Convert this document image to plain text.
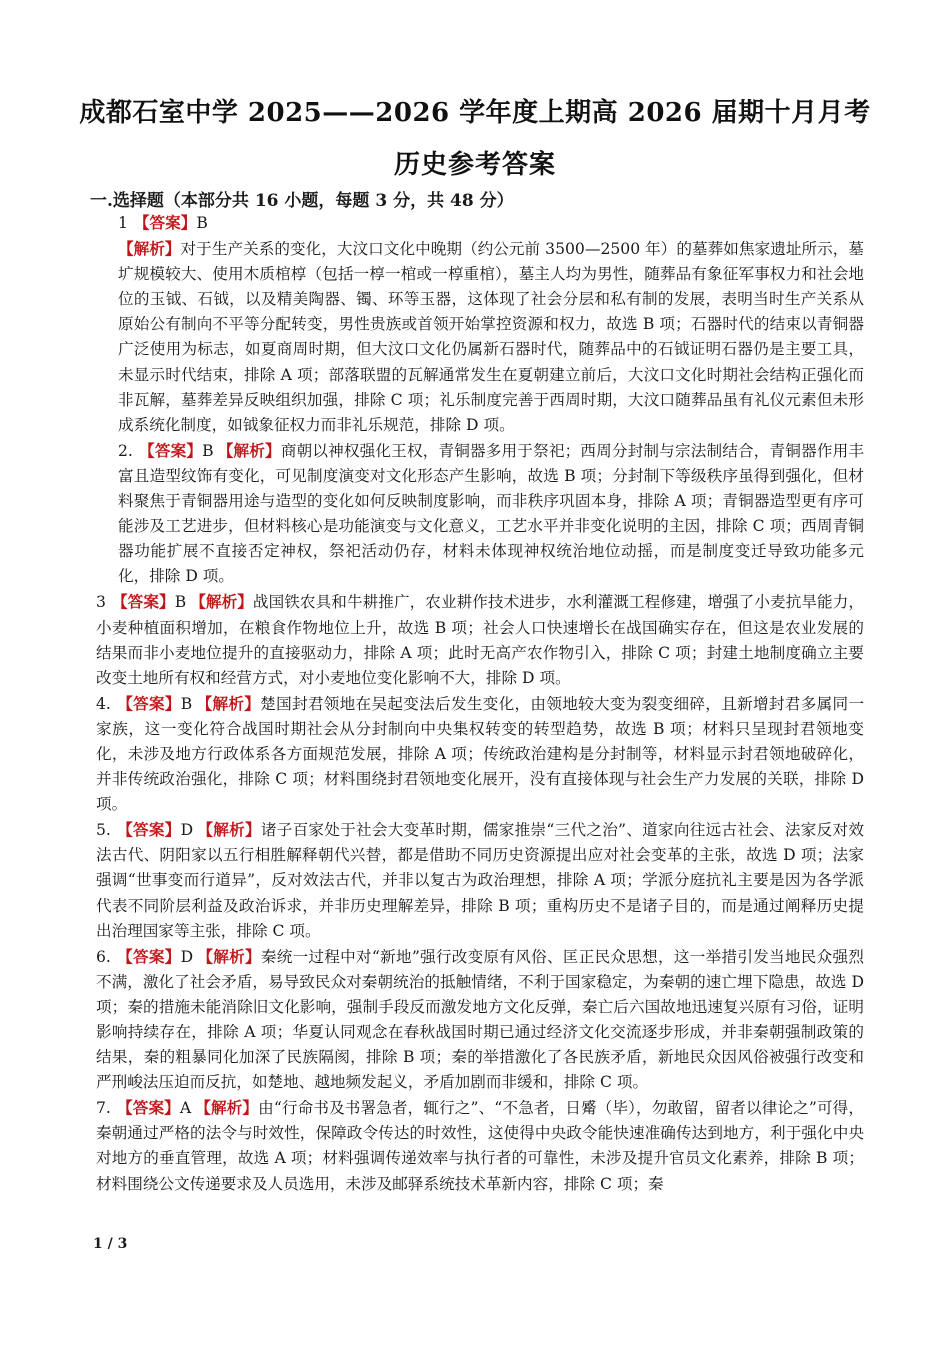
成都石室中学 2025——2026 学年度上期高 2026 届期十月月考
历史参考答案
一.选择题（本部分共 16 小题，每题 3 分，共 48 分）

1 【答案】B
【解析】对于生产关系的变化，大汶口文化中晚期（约公元前 3500—2500 年）的墓葬如焦家遗址所示，墓圹规模较大、使用木质棺椁（包括一椁一棺或一椁重棺），墓主人均为男性，随葬品有象征军事权力和社会地位的玉钺、石钺，以及精美陶器、镯、环等玉器，这体现了社会分层和私有制的发展，表明当时生产关系从原始公有制向不平等分配转变，男性贵族或首领开始掌控资源和权力，故选 B 项；石器时代的结束以青铜器广泛使用为标志，如夏商周时期，但大汶口文化仍属新石器时代，随葬品中的石钺证明石器仍是主要工具，未显示时代结束，排除 A 项；部落联盟的瓦解通常发生在夏朝建立前后，大汶口文化时期社会结构正强化而非瓦解，墓葬差异反映组织加强，排除 C 项；礼乐制度完善于西周时期，大汶口随葬品虽有礼仪元素但未形成系统化制度，如钺象征权力而非礼乐规范，排除 D 项。

2. 【答案】B 【解析】商朝以神权强化王权，青铜器多用于祭祀；西周分封制与宗法制结合，青铜器作用丰富且造型纹饰有变化，可见制度演变对文化形态产生影响，故选 B 项；分封制下等级秩序虽得到强化，但材料聚焦于青铜器用途与造型的变化如何反映制度影响，而非秩序巩固本身，排除 A 项；青铜器造型更有序可能涉及工艺进步，但材料核心是功能演变与文化意义，工艺水平并非变化说明的主因，排除 C 项；西周青铜器功能扩展不直接否定神权，祭祀活动仍存，材料未体现神权统治地位动摇，而是制度变迁导致功能多元化，排除 D 项。

3 【答案】B 【解析】战国铁农具和牛耕推广，农业耕作技术进步，水利灌溉工程修建，增强了小麦抗旱能力，小麦种植面积增加，在粮食作物地位上升，故选 B 项；社会人口快速增长在战国确实存在，但这是农业发展的结果而非小麦地位提升的直接驱动力，排除 A 项；此时无高产农作物引入，排除 C 项；封建土地制度确立主要改变土地所有权和经营方式，对小麦地位变化影响不大，排除 D 项。

4. 【答案】B 【解析】楚国封君领地在吴起变法后发生变化，由领地较大变为裂变细碎，且新增封君多属同一家族，这一变化符合战国时期社会从分封制向中央集权转变的转型趋势，故选 B 项；材料只呈现封君领地变化，未涉及地方行政体系各方面规范发展，排除 A 项；传统政治建构是分封制等，材料显示封君领地破碎化，并非传统政治强化，排除 C 项；材料围绕封君领地变化展开，没有直接体现与社会生产力发展的关联，排除 D 项。

5. 【答案】D 【解析】诸子百家处于社会大变革时期，儒家推崇“三代之治”、道家向往远古社会、法家反对效法古代、阴阳家以五行相胜解释朝代兴替，都是借助不同历史资源提出应对社会变革的主张，故选 D 项；法家强调“世事变而行道异”，反对效法古代，并非以复古为政治理想，排除 A 项；学派分庭抗礼主要是因为各学派代表不同阶层利益及政治诉求，并非历史理解差异，排除 B 项；重构历史不是诸子目的，而是通过阐释历史提出治理国家等主张，排除 C 项。

6. 【答案】D 【解析】秦统一过程中对“新地”强行改变原有风俗、匡正民众思想，这一举措引发当地民众强烈不满，激化了社会矛盾，易导致民众对秦朝统治的抵触情绪，不利于国家稳定，为秦朝的速亡埋下隐患，故选 D 项；秦的措施未能消除旧文化影响，强制手段反而激发地方文化反弹，秦亡后六国故地迅速复兴原有习俗，证明影响持续存在，排除 A 项；华夏认同观念在春秋战国时期已通过经济文化交流逐步形成，并非秦朝强制政策的结果，秦的粗暴同化加深了民族隔阂，排除 B 项；秦的举措激化了各民族矛盾，新地民众因风俗被强行改变和严刑峻法压迫而反抗，如楚地、越地频发起义，矛盾加剧而非缓和，排除 C 项。

7. 【答案】A 【解析】由“行命书及书署急者，辄行之”、“不急者，日觱（毕），勿敢留，留者以律论之”可得，秦朝通过严格的法令与时效性，保障政令传达的时效性，这使得中央政令能快速准确传达到地方，利于强化中央对地方的垂直管理，故选 A 项；材料强调传递效率与执行者的可靠性，未涉及提升官员文化素养，排除 B 项；材料围绕公文传递要求及人员选用，未涉及邮驿系统技术革新内容，排除 C 项；秦

1 / 3
